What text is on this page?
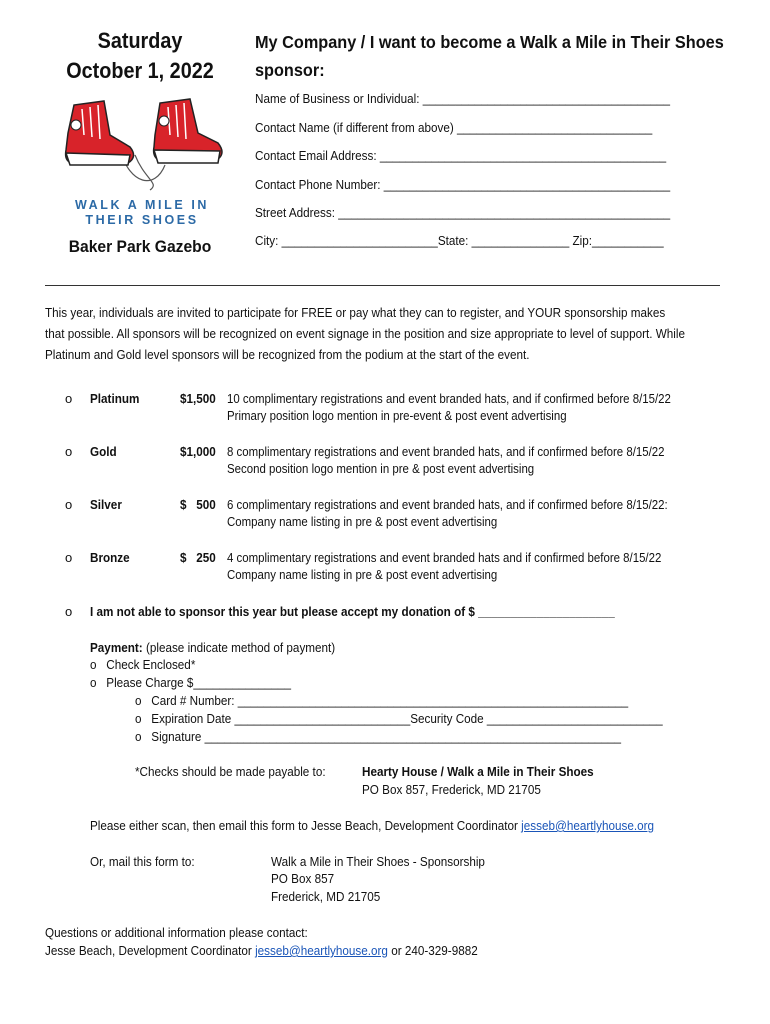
Saturday
October 1, 2022
WALK A MILE IN
THEIR SHOES
Baker Park Gazebo
My Company / I want to become a Walk a Mile in Their Shoes
sponsor:
Name of Business or Individual: ______________________________________
Contact Name (if different from above) ______________________________
Contact Email Address: ____________________________________________
Contact Phone Number: ____________________________________________
Street Address: ___________________________________________________
City: ________________________State: _______________ Zip:___________
This year, individuals are invited to participate for FREE or pay what they can to register, and YOUR sponsorship makes
that possible. All sponsors will be recognized on event signage in the position and size appropriate to level of support. While
Platinum and Gold level sponsors will be recognized from the podium at the start of the event.
o Platinum	$1,500 10 complimentary registrations and event branded hats, and if confirmed before 8/15/22
Primary position logo mention in pre-event & post event advertising
o Gold	$1,000 8 complimentary registrations and event branded hats, and if confirmed before 8/15/22
Second position logo mention in pre & post event advertising
o Silver	$   500 6 complimentary registrations and event branded hats, and if confirmed before 8/15/22:
Company name listing in pre & post event advertising
o Bronze	$   250 4 complimentary registrations and event branded hats and if confirmed before 8/15/22
Company name listing in pre & post event advertising
o I am not able to sponsor this year but please accept my donation of $ _____________________
Payment: (please indicate method of payment)
o Check Enclosed*
o Please Charge $_______________
o Card # Number: ____________________________________________________________
o Expiration Date ___________________________Security Code ___________________________
o Signature ________________________________________________________________
*Checks should be made payable to:	Hearty House / Walk a Mile in Their Shoes
PO Box 857, Frederick, MD 21705
Please either scan, then email this form to Jesse Beach, Development Coordinator jesseb@heartlyhouse.org
Or, mail this form to:	Walk a Mile in Their Shoes - Sponsorship
PO Box 857
Frederick, MD 21705
Questions or additional information please contact:
Jesse Beach, Development Coordinator jesseb@heartlyhouse.org or 240-329-9882
